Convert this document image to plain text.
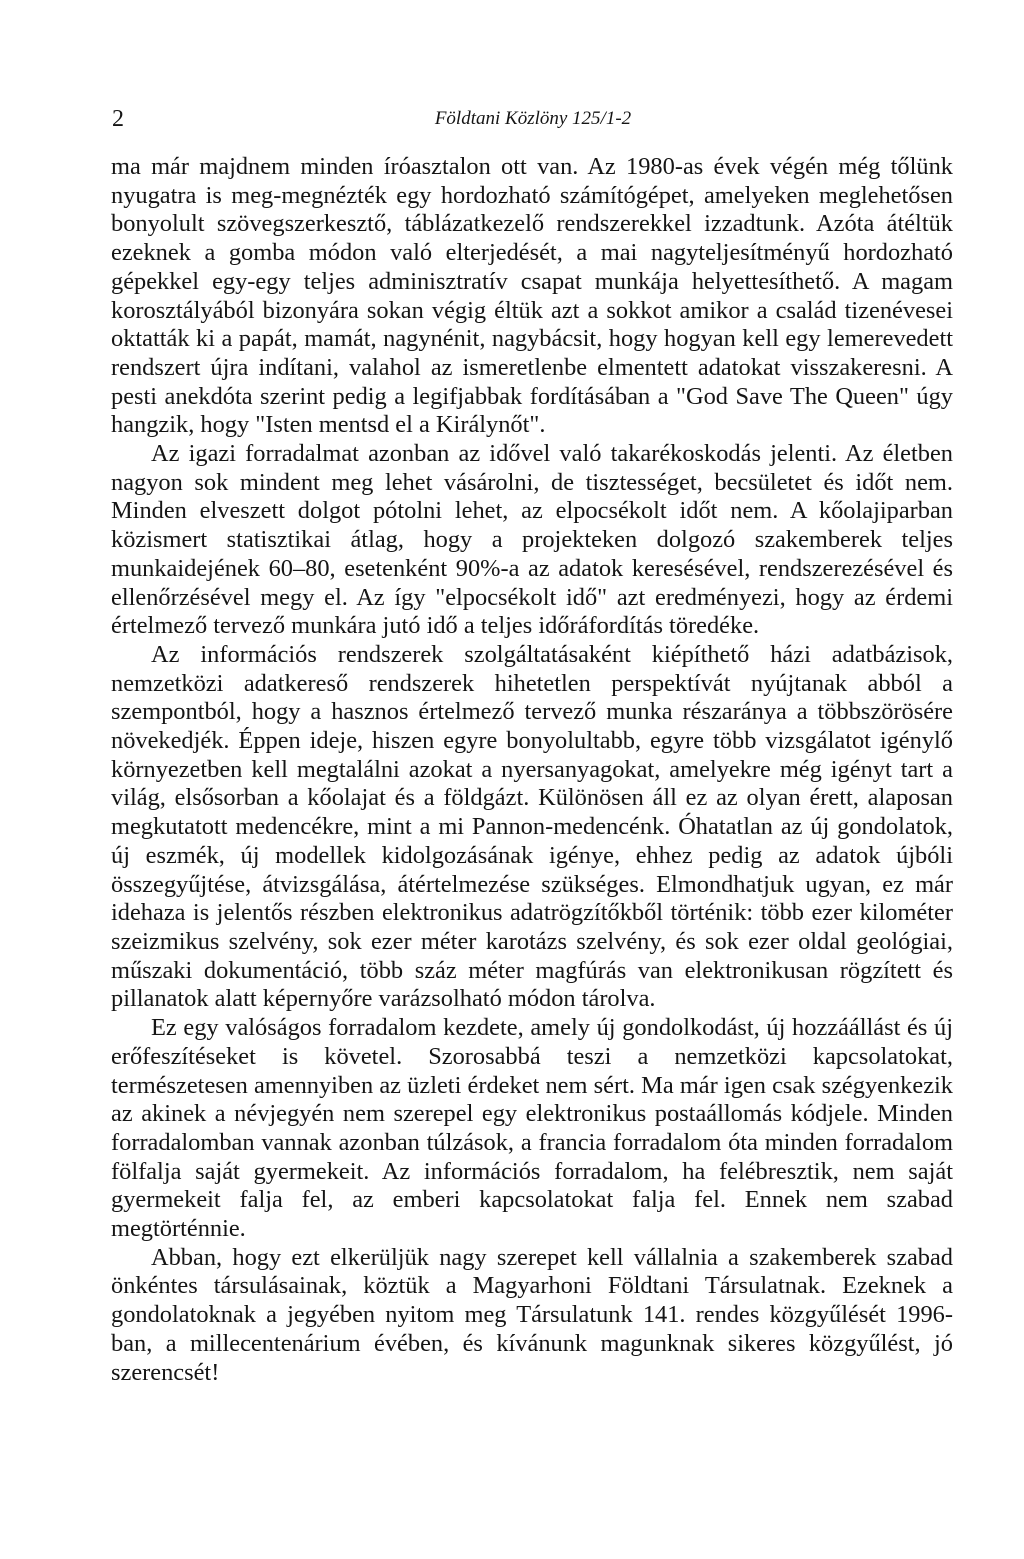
2	Földtani Közlöny 125/1-2

ma már majdnem minden íróasztalon ott van. Az 1980-as évek végén még tőlünk nyugatra is meg-megnézték egy hordozható számítógépet, amelyeken meglehetősen bonyolult szövegszerkesztő, táblázatkezelő rendszerekkel izzadtunk. Azóta átéltük ezeknek a gomba módon való elterjedését, a mai nagyteljesítményű hordozható gépekkel egy-egy teljes adminisztratív csapat munkája helyettesíthető. A magam korosztályából bizonyára sokan végig éltük azt a sokkot amikor a család tizenévesei oktatták ki a papát, mamát, nagynénit, nagybácsit, hogy hogyan kell egy lemerevedett rendszert újra indítani, valahol az ismeretlenbe elmentett adatokat visszakeresni. A pesti anekdóta szerint pedig a legifjabbak fordításában a "God Save The Queen" úgy hangzik, hogy "Isten mentsd el a Királynőt".

Az igazi forradalmat azonban az idővel való takarékoskodás jelenti. Az életben nagyon sok mindent meg lehet vásárolni, de tisztességet, becsületet és időt nem. Minden elveszett dolgot pótolni lehet, az elpocsékolt időt nem. A kőolajiparban közismert statisztikai átlag, hogy a projekteken dolgozó szakemberek teljes munkaidejének 60–80, esetenként 90%-a az adatok keresésével, rendszerezésével és ellenőrzésével megy el. Az így "elpocsékolt idő" azt eredményezi, hogy az érdemi értelmező tervező munkára jutó idő a teljes időráfordítás töredéke.

Az információs rendszerek szolgáltatásaként kiépíthető házi adatbázisok, nemzetközi adatkereső rendszerek hihetetlen perspektívát nyújtanak abból a szempontból, hogy a hasznos értelmező tervező munka részaránya a többszörösére növekedjék. Éppen ideje, hiszen egyre bonyolultabb, egyre több vizsgálatot igénylő környezetben kell megtalálni azokat a nyersanyagokat, amelyekre még igényt tart a világ, elsősorban a kőolajat és a földgázt. Különösen áll ez az olyan érett, alaposan megkutatott medencékre, mint a mi Pannon-medencénk. Óhatatlan az új gondolatok, új eszmék, új modellek kidolgozásának igénye, ehhez pedig az adatok újbóli összegyűjtése, átvizsgálása, átértelmezése szükséges. Elmondhatjuk ugyan, ez már idehaza is jelentős részben elektronikus adatrögzítőkből történik: több ezer kilométer szeizmikus szelvény, sok ezer méter karotázs szelvény, és sok ezer oldal geológiai, műszaki dokumentáció, több száz méter magfúrás van elektronikusan rögzített és pillanatok alatt képernyőre varázsolható módon tárolva.

Ez egy valóságos forradalom kezdete, amely új gondolkodást, új hozzáállást és új erőfeszítéseket is követel. Szorosabbá teszi a nemzetközi kapcsolatokat, természetesen amennyiben az üzleti érdeket nem sért. Ma már igen csak szégyenkezik az akinek a névjegyén nem szerepel egy elektronikus postaállomás kódjele. Minden forradalomban vannak azonban túlzások, a francia forradalom óta minden forradalom fölfalja saját gyermekeit. Az információs forradalom, ha felébresztik, nem saját gyermekeit falja fel, az emberi kapcsolatokat falja fel. Ennek nem szabad megtörténnie.

Abban, hogy ezt elkerüljük nagy szerepet kell vállalnia a szakemberek szabad önkéntes társulásainak, köztük a Magyarhoni Földtani Társulatnak. Ezeknek a gondolatoknak a jegyében nyitom meg Társulatunk 141. rendes közgyűlését 1996-ban, a millecentenárium évében, és kívánunk magunknak sikeres közgyűlést, jó szerencsét!
